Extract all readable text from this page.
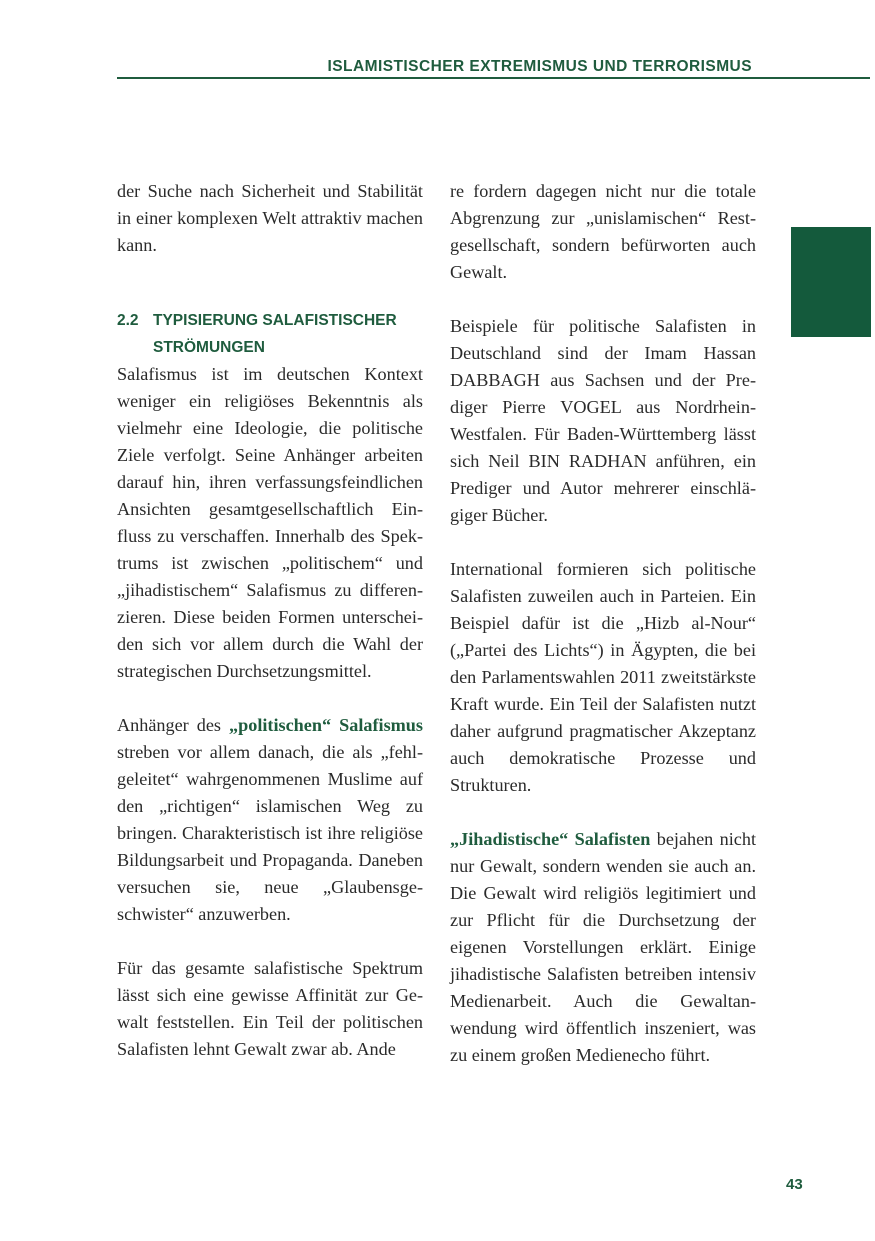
ISLAMISTISCHER EXTREMISMUS UND TERRORISMUS

der Suche nach Sicherheit und Stabilität in einer komplexen Welt attraktiv machen kann.

2.2 TYPISIERUNG SALAFISTISCHER
STRÖMUNGEN

Salafismus ist im deutschen Kontext weniger ein religiöses Bekenntnis als vielmehr eine Ideologie, die politische Ziele verfolgt. Seine Anhänger arbeiten darauf hin, ihren verfassungsfeindlichen Ansichten gesamtgesellschaftlich Einfluss zu verschaffen. Innerhalb des Spektrums ist zwischen „politischem“ und „jihadistischem“ Salafismus zu differenzieren. Diese beiden Formen unterscheiden sich vor allem durch die Wahl der strategischen Durchsetzungsmittel.

Anhänger des „politischen“ Salafismus streben vor allem danach, die als „fehlgeleitet“ wahrgenommenen Muslime auf den „richtigen“ islamischen Weg zu bringen. Charakteristisch ist ihre religiöse Bildungsarbeit und Propaganda. Daneben versuchen sie, neue „Glaubensgeschwister“ anzuwerben.

Für das gesamte salafistische Spektrum lässt sich eine gewisse Affinität zur Gewalt feststellen. Ein Teil der politischen Salafisten lehnt Gewalt zwar ab. Ande

re fordern dagegen nicht nur die totale Abgrenzung zur „unislamischen“ Restgesellschaft, sondern befürworten auch Gewalt.

Beispiele für politische Salafisten in Deutschland sind der Imam Hassan DABBAGH aus Sachsen und der Prediger Pierre VOGEL aus Nordrhein-Westfalen. Für Baden-Württemberg lässt sich Neil BIN RADHAN anführen, ein Prediger und Autor mehrerer einschlägiger Bücher.

International formieren sich politische Salafisten zuweilen auch in Parteien. Ein Beispiel dafür ist die „Hizb al-Nour“ („Partei des Lichts“) in Ägypten, die bei den Parlamentswahlen 2011 zweitstärkste Kraft wurde. Ein Teil der Salafisten nutzt daher aufgrund pragmatischer Akzeptanz auch demokratische Prozesse und Strukturen.

„Jihadistische“ Salafisten bejahen nicht nur Gewalt, sondern wenden sie auch an. Die Gewalt wird religiös legitimiert und zur Pflicht für die Durchsetzung der eigenen Vorstellungen erklärt. Einige jihadistische Salafisten betreiben intensiv Medienarbeit. Auch die Gewaltanwendung wird öffentlich inszeniert, was zu einem großen Medienecho führt.

43
